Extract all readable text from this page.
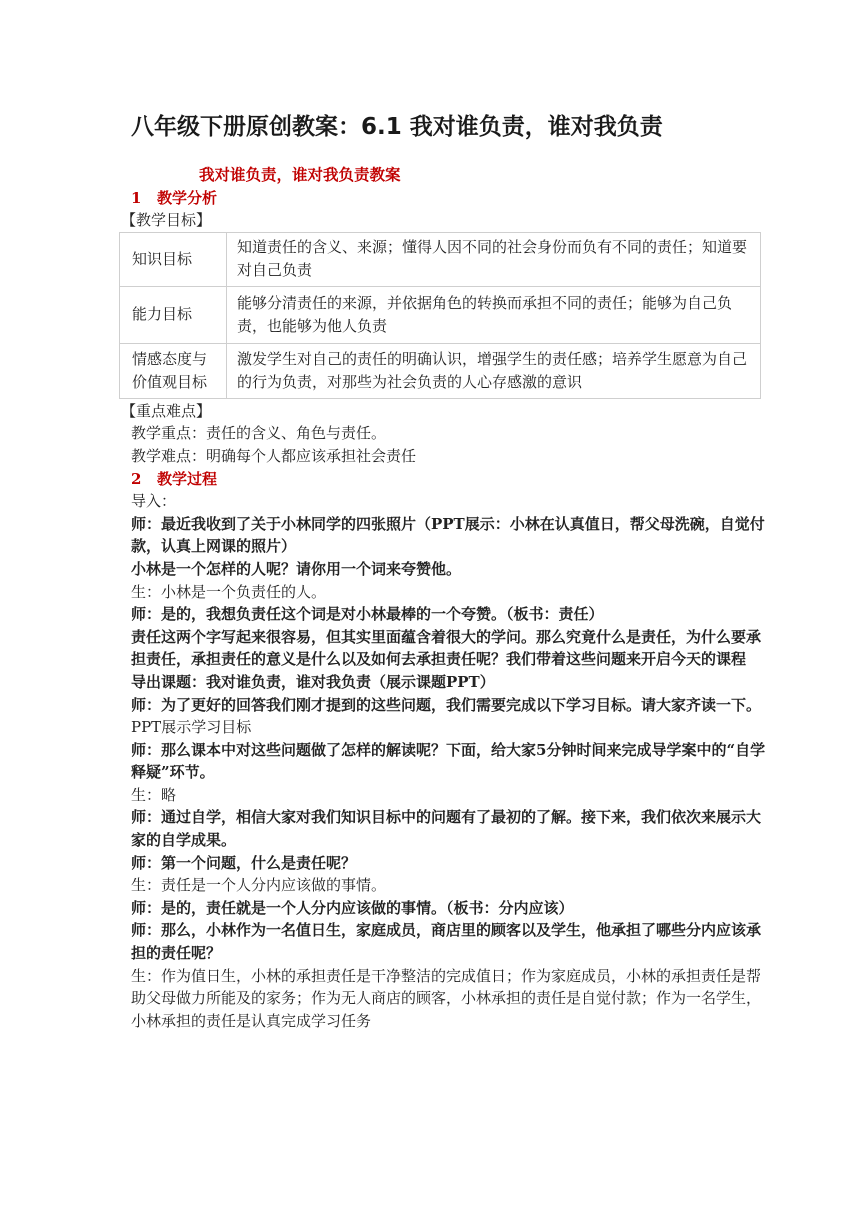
八年级下册原创教案：6.1 我对谁负责，谁对我负责

我对谁负责，谁对我负责教案

1 教学分析

【教学目标】

知识目标	知道责任的含义、来源；懂得人因不同的社会身份而负有不同的责任；知道要对自己负责
能力目标	能够分清责任的来源，并依据角色的转换而承担不同的责任；能够为自己负责，也能够为他人负责
情感态度与价值观目标	激发学生对自己的责任的明确认识，增强学生的责任感；培养学生愿意为自己的行为负责，对那些为社会负责的人心存感激的意识

【重点难点】

教学重点：责任的含义、角色与责任。

教学难点：明确每个人都应该承担社会责任

2 教学过程

导入：

师：最近我收到了关于小林同学的四张照片（PPT展示：小林在认真值日，帮父母洗碗，自觉付款，认真上网课的照片）

小林是一个怎样的人呢？请你用一个词来夸赞他。

生：小林是一个负责任的人。

师：是的，我想负责任这个词是对小林最棒的一个夸赞。（板书：责任）

责任这两个字写起来很容易，但其实里面蕴含着很大的学问。那么究竟什么是责任，为什么要承担责任，承担责任的意义是什么以及如何去承担责任呢？我们带着这些问题来开启今天的课程

导出课题：我对谁负责，谁对我负责（展示课题PPT）

师：为了更好的回答我们刚才提到的这些问题，我们需要完成以下学习目标。请大家齐读一下。

PPT展示学习目标

师：那么课本中对这些问题做了怎样的解读呢？下面，给大家5分钟时间来完成导学案中的“自学释疑”环节。

生：略

师：通过自学，相信大家对我们知识目标中的问题有了最初的了解。接下来，我们依次来展示大家的自学成果。

师：第一个问题，什么是责任呢？

生：责任是一个人分内应该做的事情。

师：是的，责任就是一个人分内应该做的事情。（板书：分内应该）

师：那么，小林作为一名值日生，家庭成员，商店里的顾客以及学生，他承担了哪些分内应该承担的责任呢？

生：作为值日生，小林的承担责任是干净整洁的完成值日；作为家庭成员，小林的承担责任是帮助父母做力所能及的家务；作为无人商店的顾客，小林承担的责任是自觉付款；作为一名学生，小林承担的责任是认真完成学习任务
